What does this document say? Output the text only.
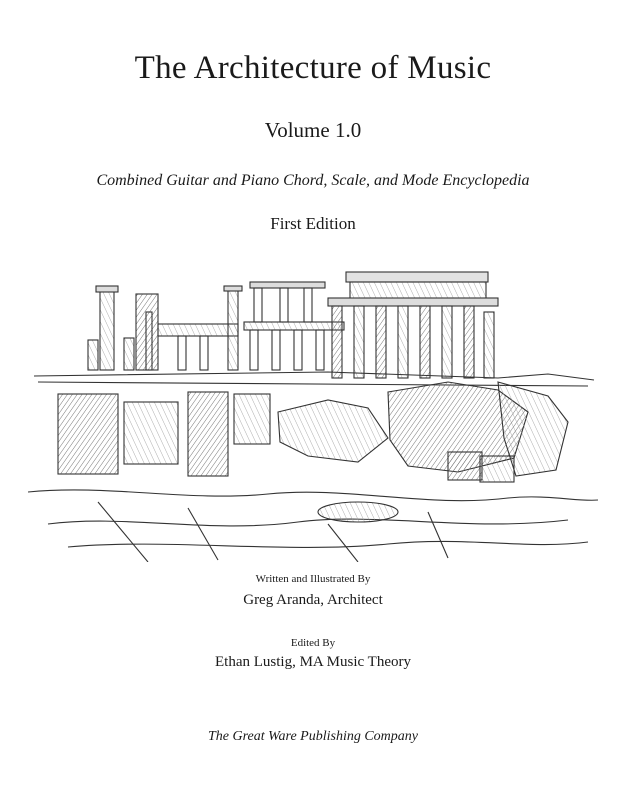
The Architecture of Music
Volume 1.0
Combined Guitar and Piano Chord, Scale, and Mode Encyclopedia
First Edition
Written and Illustrated By
Greg Aranda, Architect
Edited By
Ethan Lustig, MA Music Theory
The Great Ware Publishing Company
